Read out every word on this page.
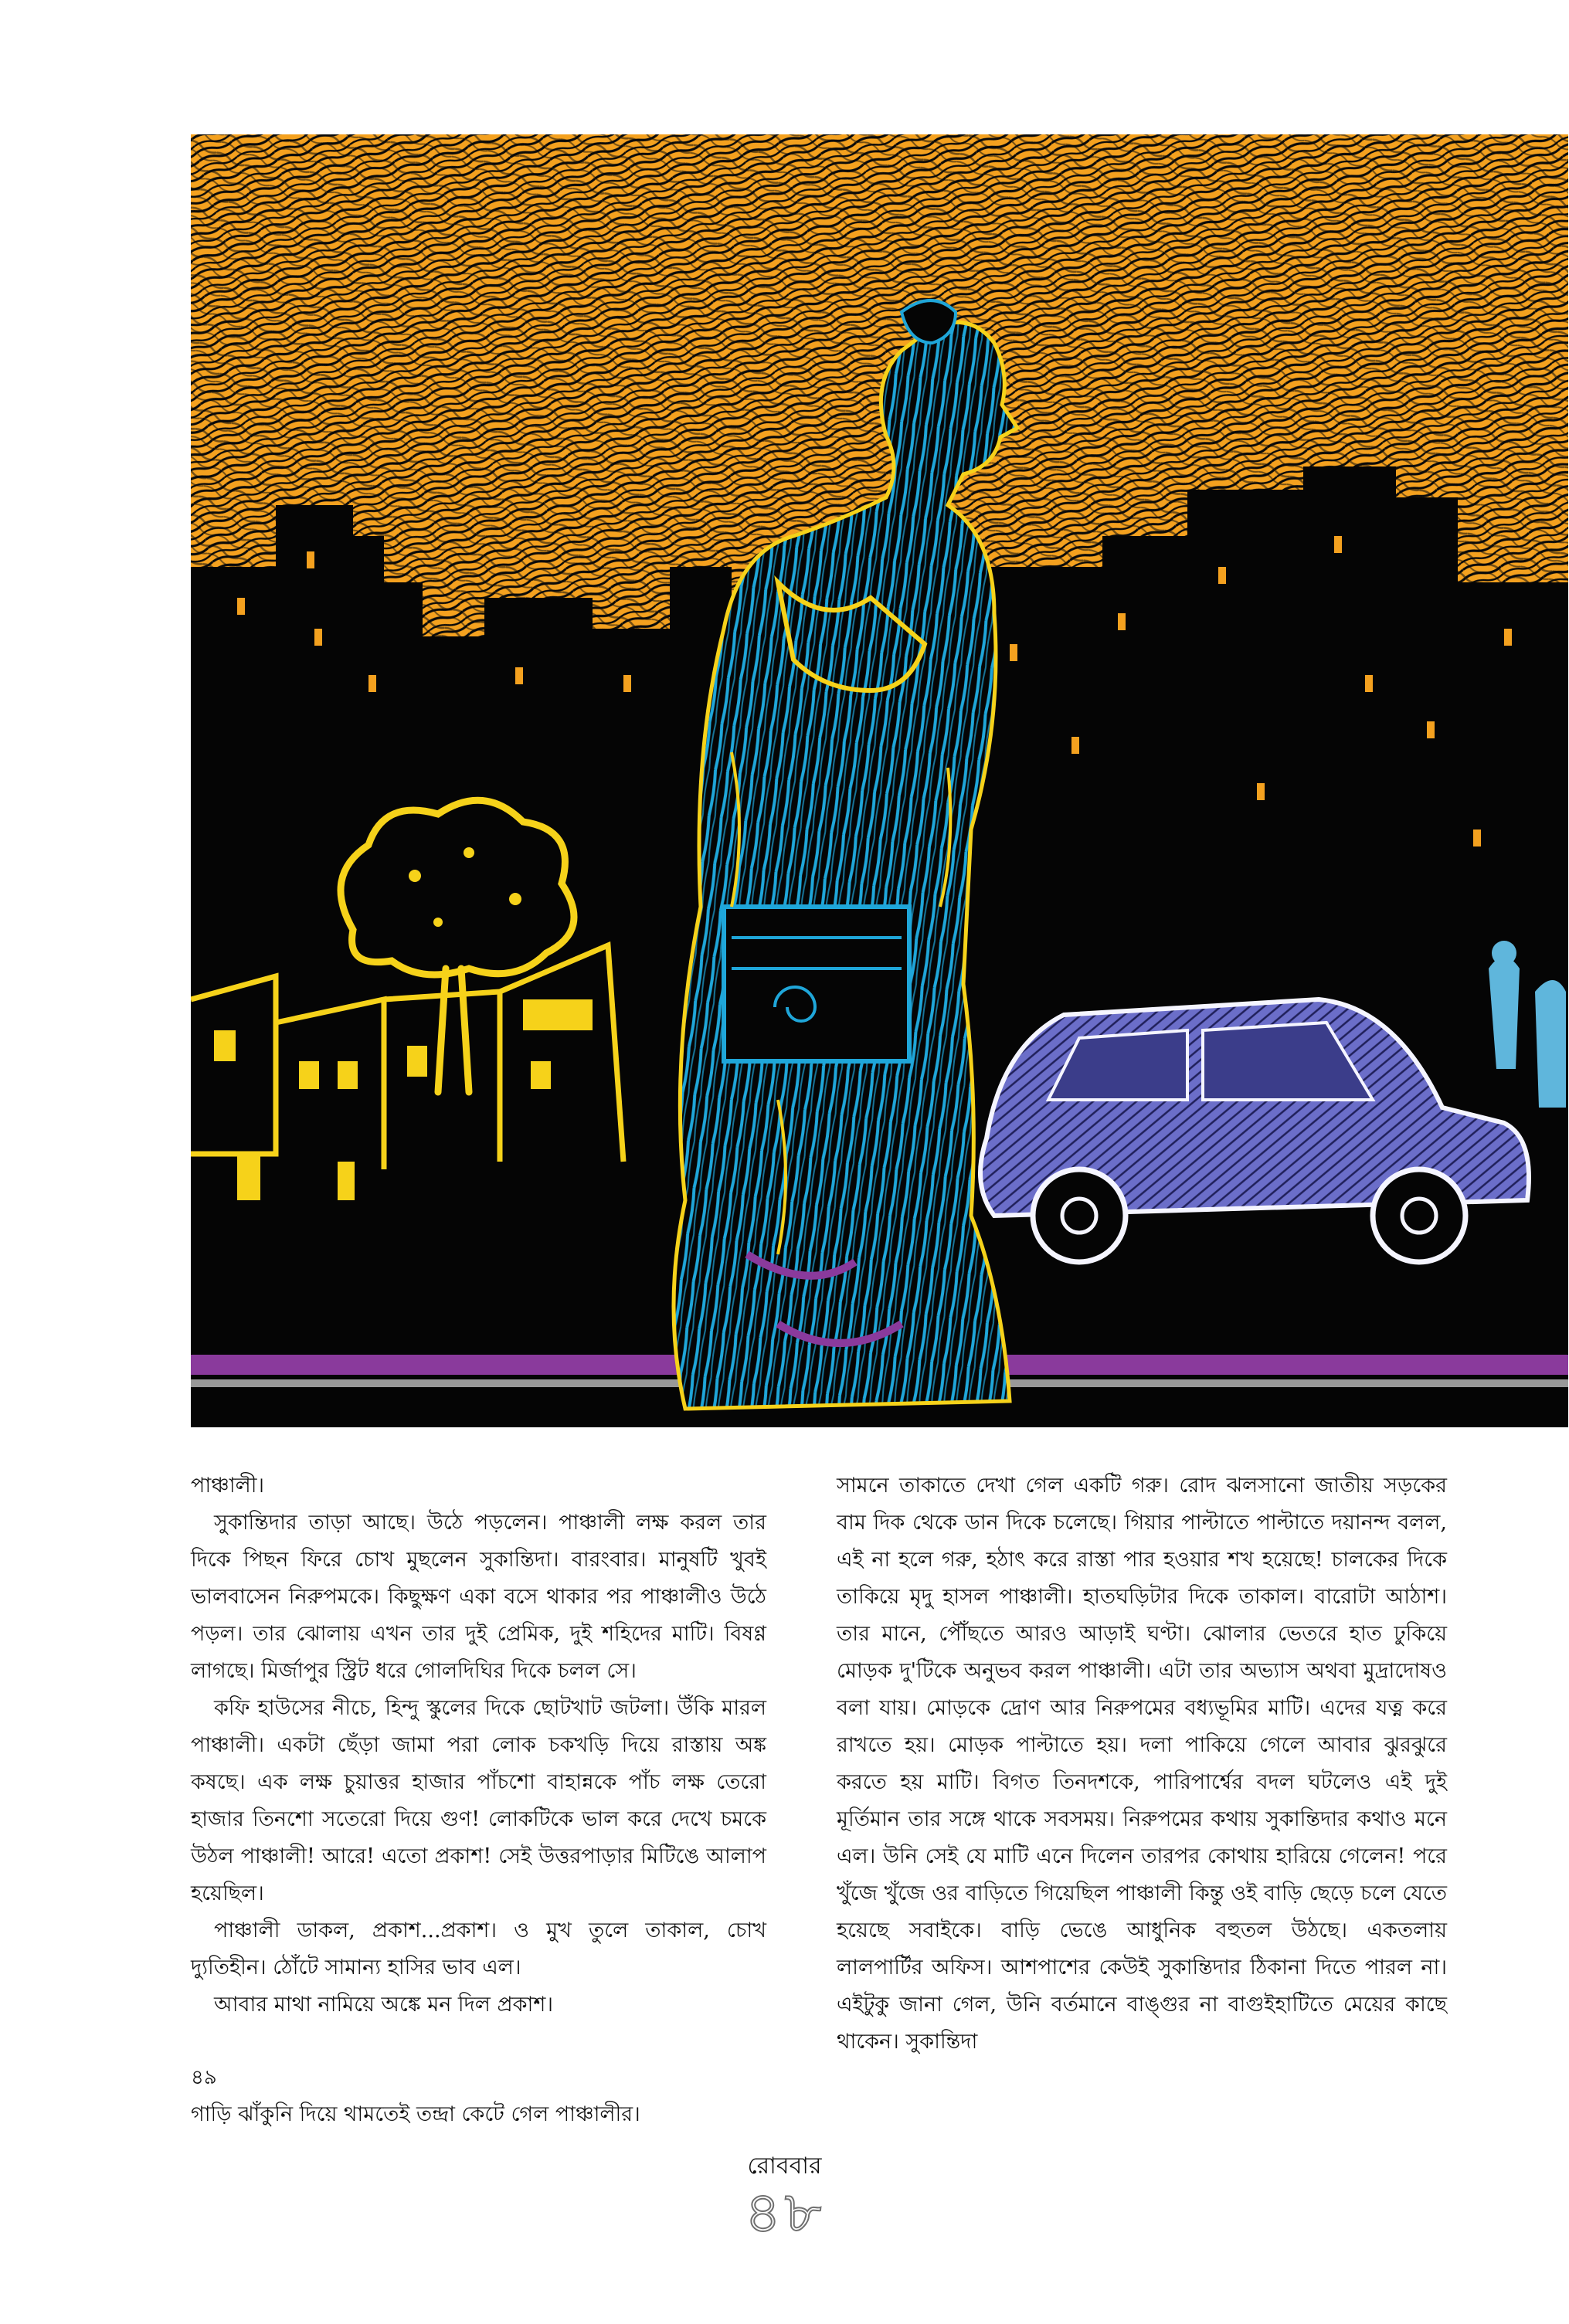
পাঞ্চালী।

সুকান্তিদার তাড়া আছে। উঠে পড়লেন। পাঞ্চালী লক্ষ করল তার দিকে পিছন ফিরে চোখ মুছলেন সুকান্তিদা। বারংবার। মানুষটি খুবই ভালবাসেন নিরুপমকে। কিছুক্ষণ একা বসে থাকার পর পাঞ্চালীও উঠে পড়ল। তার ঝোলায় এখন তার দুই প্রেমিক, দুই শহিদের মাটি। বিষণ্ণ লাগছে। মির্জাপুর স্ট্রিট ধরে গোলদিঘির দিকে চলল সে।

কফি হাউসের নীচে, হিন্দু স্কুলের দিকে ছোটখাট জটলা। উঁকি মারল পাঞ্চালী। একটা ছেঁড়া জামা পরা লোক চকখড়ি দিয়ে রাস্তায় অঙ্ক কষছে। এক লক্ষ চুয়াত্তর হাজার পাঁচশো বাহান্নকে পাঁচ লক্ষ তেরো হাজার তিনশো সতেরো দিয়ে গুণ! লোকটিকে ভাল করে দেখে চমকে উঠল পাঞ্চালী! আরে! এতো প্রকাশ! সেই উত্তরপাড়ার মিটিঙে আলাপ হয়েছিল।

পাঞ্চালী ডাকল, প্রকাশ...প্রকাশ। ও মুখ তুলে তাকাল, চোখ দ্যুতিহীন। ঠোঁটে সামান্য হাসির ভাব এল।

আবার মাথা নামিয়ে অঙ্কে মন দিল প্রকাশ।

৪৯

গাড়ি ঝাঁকুনি দিয়ে থামতেই তন্দ্রা কেটে গেল পাঞ্চালীর।

সামনে তাকাতে দেখা গেল একটি গরু। রোদ ঝলসানো জাতীয় সড়কের বাম দিক থেকে ডান দিকে চলেছে। গিয়ার পাল্টাতে পাল্টাতে দয়ানন্দ বলল, এই না হলে গরু, হঠাৎ করে রাস্তা পার হওয়ার শখ হয়েছে! চালকের দিকে তাকিয়ে মৃদু হাসল পাঞ্চালী। হাতঘড়িটার দিকে তাকাল। বারোটা আঠাশ। তার মানে, পৌঁছতে আরও আড়াই ঘণ্টা। ঝোলার ভেতরে হাত ঢুকিয়ে মোড়ক দু'টিকে অনুভব করল পাঞ্চালী। এটা তার অভ্যাস অথবা মুদ্রাদোষও বলা যায়। মোড়কে দ্রোণ আর নিরুপমের বধ্যভূমির মাটি। এদের যত্ন করে রাখতে হয়। মোড়ক পাল্টাতে হয়। দলা পাকিয়ে গেলে আবার ঝুরঝুরে করতে হয় মাটি। বিগত তিনদশকে, পারিপার্শ্বের বদল ঘটলেও এই দুই মূর্তিমান তার সঙ্গে থাকে সবসময়। নিরুপমের কথায় সুকান্তিদার কথাও মনে এল। উনি সেই যে মাটি এনে দিলেন তারপর কোথায় হারিয়ে গেলেন! পরে খুঁজে খুঁজে ওর বাড়িতে গিয়েছিল পাঞ্চালী কিন্তু ওই বাড়ি ছেড়ে চলে যেতে হয়েছে সবাইকে। বাড়ি ভেঙে আধুনিক বহুতল উঠছে। একতলায় লালপার্টির অফিস। আশপাশের কেউই সুকান্তিদার ঠিকানা দিতে পারল না। এইটুকু জানা গেল, উনি বর্তমানে বাঙ্গুর না বাগুইহাটিতে মেয়ের কাছে থাকেন। সুকান্তিদা

রোববার
৪৮
